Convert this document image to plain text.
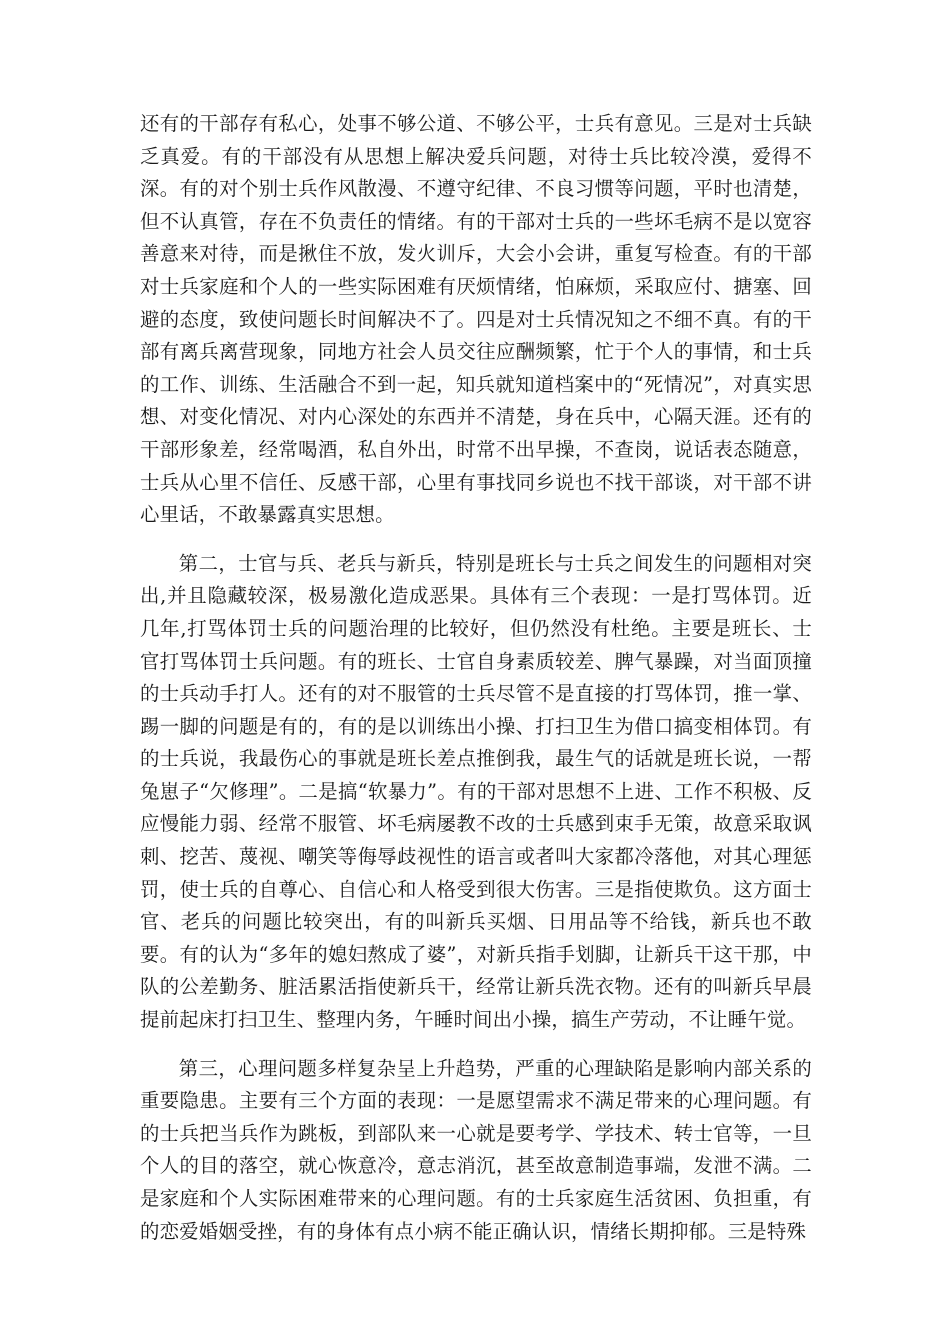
还有的干部存有私心，处事不够公道、不够公平，士兵有意见。三是对士兵缺乏真爱。有的干部没有从思想上解决爱兵问题，对待士兵比较冷漠，爱得不深。有的对个别士兵作风散漫、不遵守纪律、不良习惯等问题，平时也清楚，但不认真管，存在不负责任的情绪。有的干部对士兵的一些坏毛病不是以宽容善意来对待，而是揪住不放，发火训斥，大会小会讲，重复写检查。有的干部对士兵家庭和个人的一些实际困难有厌烦情绪，怕麻烦，采取应付、搪塞、回避的态度，致使问题长时间解决不了。四是对士兵情况知之不细不真。有的干部有离兵离营现象，同地方社会人员交往应酬频繁，忙于个人的事情，和士兵的工作、训练、生活融合不到一起，知兵就知道档案中的“死情况”，对真实思想、对变化情况、对内心深处的东西并不清楚，身在兵中，心隔天涯。还有的干部形象差，经常喝酒，私自外出，时常不出早操，不查岗，说话表态随意，士兵从心里不信任、反感干部，心里有事找同乡说也不找干部谈，对干部不讲心里话，不敢暴露真实思想。

第二，士官与兵、老兵与新兵，特别是班长与士兵之间发生的问题相对突出,并且隐藏较深，极易激化造成恶果。具体有三个表现：一是打骂体罚。近几年,打骂体罚士兵的问题治理的比较好，但仍然没有杜绝。主要是班长、士官打骂体罚士兵问题。有的班长、士官自身素质较差、脾气暴躁，对当面顶撞的士兵动手打人。还有的对不服管的士兵尽管不是直接的打骂体罚，推一掌、踢一脚的问题是有的，有的是以训练出小操、打扫卫生为借口搞变相体罚。有的士兵说，我最伤心的事就是班长差点推倒我，最生气的话就是班长说，一帮兔崽子“欠修理”。二是搞“软暴力”。有的干部对思想不上进、工作不积极、反应慢能力弱、经常不服管、坏毛病屡教不改的士兵感到束手无策，故意采取讽刺、挖苦、蔑视、嘲笑等侮辱歧视性的语言或者叫大家都冷落他，对其心理惩罚，使士兵的自尊心、自信心和人格受到很大伤害。三是指使欺负。这方面士官、老兵的问题比较突出，有的叫新兵买烟、日用品等不给钱，新兵也不敢要。有的认为“多年的媳妇熬成了婆”，对新兵指手划脚，让新兵干这干那，中队的公差勤务、脏活累活指使新兵干，经常让新兵洗衣物。还有的叫新兵早晨提前起床打扫卫生、整理内务，午睡时间出小操，搞生产劳动，不让睡午觉。

第三，心理问题多样复杂呈上升趋势，严重的心理缺陷是影响内部关系的重要隐患。主要有三个方面的表现：一是愿望需求不满足带来的心理问题。有的士兵把当兵作为跳板，到部队来一心就是要考学、学技术、转士官等，一旦个人的目的落空，就心恢意冷，意志消沉，甚至故意制造事端，发泄不满。二是家庭和个人实际困难带来的心理问题。有的士兵家庭生活贫困、负担重，有的恋爱婚姻受挫，有的身体有点小病不能正确认识，情绪长期抑郁。三是特殊
